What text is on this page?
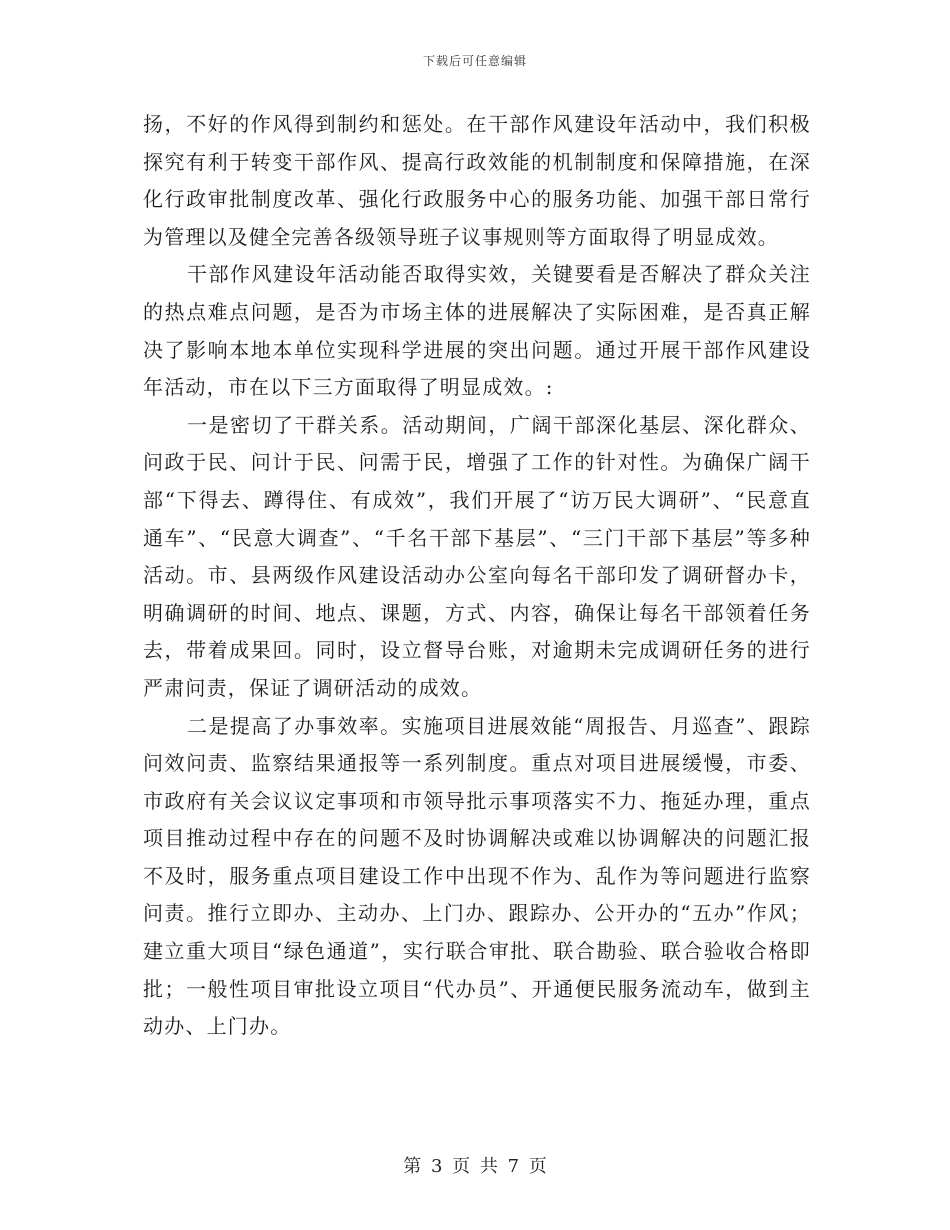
下载后可任意编辑

扬，不好的作风得到制约和惩处。在干部作风建设年活动中，我们积极探究有利于转变干部作风、提高行政效能的机制制度和保障措施，在深化行政审批制度改革、强化行政服务中心的服务功能、加强干部日常行为管理以及健全完善各级领导班子议事规则等方面取得了明显成效。

干部作风建设年活动能否取得实效，关键要看是否解决了群众关注的热点难点问题，是否为市场主体的进展解决了实际困难，是否真正解决了影响本地本单位实现科学进展的突出问题。通过开展干部作风建设年活动，市在以下三方面取得了明显成效。:

一是密切了干群关系。活动期间，广阔干部深化基层、深化群众、问政于民、问计于民、问需于民，增强了工作的针对性。为确保广阔干部“下得去、蹲得住、有成效”，我们开展了“访万民大调研”、“民意直通车”、“民意大调查”、“千名干部下基层”、“三门干部下基层”等多种活动。市、县两级作风建设活动办公室向每名干部印发了调研督办卡，明确调研的时间、地点、课题，方式、内容，确保让每名干部领着任务去，带着成果回。同时，设立督导台账，对逾期未完成调研任务的进行严肃问责，保证了调研活动的成效。

二是提高了办事效率。实施项目进展效能“周报告、月巡查”、跟踪问效问责、监察结果通报等一系列制度。重点对项目进展缓慢，市委、市政府有关会议议定事项和市领导批示事项落实不力、拖延办理，重点项目推动过程中存在的问题不及时协调解决或难以协调解决的问题汇报不及时，服务重点项目建设工作中出现不作为、乱作为等问题进行监察问责。推行立即办、主动办、上门办、跟踪办、公开办的“五办”作风；建立重大项目“绿色通道”，实行联合审批、联合勘验、联合验收合格即批；一般性项目审批设立项目“代办员”、开通便民服务流动车，做到主动办、上门办。

第 3 页 共 7 页
